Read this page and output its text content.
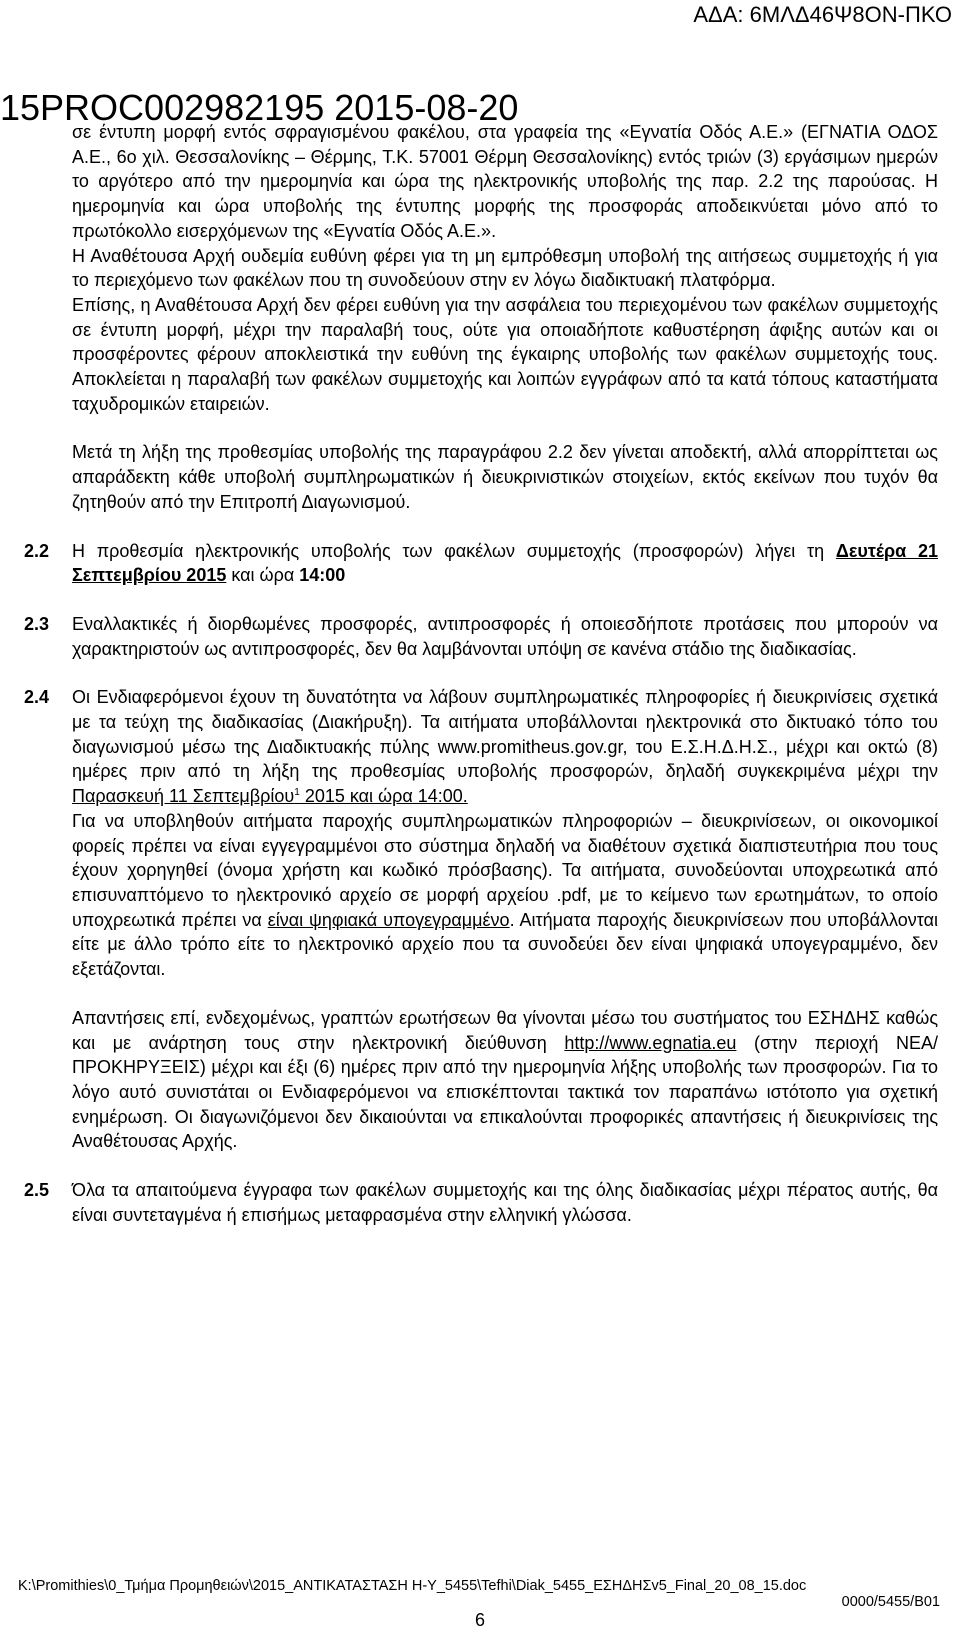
ΑΔΑ: 6ΜΛΔ46Ψ8ΟΝ-ΠΚΟ
15PROC002982195 2015-08-20

σε έντυπη μορφή εντός σφραγισμένου φακέλου, στα γραφεία της «Εγνατία Οδός Α.Ε.» (ΕΓΝΑΤΙΑ ΟΔΟΣ Α.Ε., 6ο χιλ. Θεσσαλονίκης – Θέρμης, Τ.Κ. 57001 Θέρμη Θεσσαλονίκης) εντός τριών (3) εργάσιμων ημερών το αργότερο από την ημερομηνία και ώρα της ηλεκτρονικής υποβολής της παρ. 2.2 της παρούσας. Η ημερομηνία και ώρα υποβολής της έντυπης μορφής της προσφοράς αποδεικνύεται μόνο από το πρωτόκολλο εισερχόμενων της «Εγνατία Οδός Α.Ε.».

Η Αναθέτουσα Αρχή ουδεμία ευθύνη φέρει για τη μη εμπρόθεσμη υποβολή της αιτήσεως συμμετοχής ή για το περιεχόμενο των φακέλων που τη συνοδεύουν στην εν λόγω διαδικτυακή πλατφόρμα.

Επίσης, η Αναθέτουσα Αρχή δεν φέρει ευθύνη για την ασφάλεια του περιεχομένου των φακέλων συμμετοχής σε έντυπη μορφή, μέχρι την παραλαβή τους, ούτε για οποιαδήποτε καθυστέρηση άφιξης αυτών και οι προσφέροντες φέρουν αποκλειστικά την ευθύνη της έγκαιρης υποβολής των φακέλων συμμετοχής τους. Αποκλείεται η παραλαβή των φακέλων συμμετοχής και λοιπών εγγράφων από τα κατά τόπους καταστήματα ταχυδρομικών εταιρειών.

Μετά τη λήξη της προθεσμίας υποβολής της παραγράφου 2.2 δεν γίνεται αποδεκτή, αλλά απορρίπτεται ως απαράδεκτη κάθε υποβολή συμπληρωματικών ή διευκρινιστικών στοιχείων, εκτός εκείνων που τυχόν θα ζητηθούν από την Επιτροπή Διαγωνισμού.

2.2	Η προθεσμία ηλεκτρονικής υποβολής των φακέλων συμμετοχής (προσφορών) λήγει τη Δευτέρα 21 Σεπτεμβρίου 2015 και ώρα 14:00
2.3	Εναλλακτικές ή διορθωμένες προσφορές, αντιπροσφορές ή οποιεσδήποτε προτάσεις που μπορούν να χαρακτηριστούν ως αντιπροσφορές, δεν θα λαμβάνονται υπόψη σε κανένα στάδιο της διαδικασίας.
2.4	Οι Ενδιαφερόμενοι έχουν τη δυνατότητα να λάβουν συμπληρωματικές πληροφορίες ή διευκρινίσεις σχετικά με τα τεύχη της διαδικασίας (Διακήρυξη). Τα αιτήματα υποβάλλονται ηλεκτρονικά στο δικτυακό τόπο του διαγωνισμού μέσω της Διαδικτυακής πύλης www.promitheus.gov.gr, του Ε.Σ.Η.Δ.Η.Σ., μέχρι και οκτώ (8) ημέρες πριν από τη λήξη της προθεσμίας υποβολής προσφορών, δηλαδή συγκεκριμένα μέχρι την Παρασκευή 11 Σεπτεμβρίου$^1$ 2015 και ώρα 14:00.
Για να υποβληθούν αιτήματα παροχής συμπληρωματικών πληροφοριών – διευκρινίσεων, οι οικονομικοί φορείς πρέπει να είναι εγγεγραμμένοι στο σύστημα δηλαδή να διαθέτουν σχετικά διαπιστευτήρια που τους έχουν χορηγηθεί (όνομα χρήστη και κωδικό πρόσβασης). Τα αιτήματα, συνοδεύονται υποχρεωτικά από επισυναπτόμενο το ηλεκτρονικό αρχείο σε μορφή αρχείου .pdf, με το κείμενο των ερωτημάτων, το οποίο υποχρεωτικά πρέπει να είναι ψηφιακά υπογεγραμμένο. Αιτήματα παροχής διευκρινίσεων που υποβάλλονται είτε με άλλο τρόπο είτε το ηλεκτρονικό αρχείο που τα συνοδεύει δεν είναι ψηφιακά υπογεγραμμένο, δεν εξετάζονται.
Απαντήσεις επί, ενδεχομένως, γραπτών ερωτήσεων θα γίνονται μέσω του συστήματος του ΕΣΗΔΗΣ καθώς και με ανάρτηση τους στην ηλεκτρονική διεύθυνση http://www.egnatia.eu (στην περιοχή ΝΕΑ/ΠΡΟΚΗΡΥΞΕΙΣ) μέχρι και έξι (6) ημέρες πριν από την ημερομηνία λήξης υποβολής των προσφορών. Για το λόγο αυτό συνιστάται οι Ενδιαφερόμενοι να επισκέπτονται τακτικά τον παραπάνω ιστότοπο για σχετική ενημέρωση. Οι διαγωνιζόμενοι δεν δικαιούνται να επικαλούνται προφορικές απαντήσεις ή διευκρινίσεις της Αναθέτουσας Αρχής.
2.5	Όλα τα απαιτούμενα έγγραφα των φακέλων συμμετοχής και της όλης διαδικασίας μέχρι πέρατος αυτής, θα είναι συντεταγμένα ή επισήμως μεταφρασμένα στην ελληνική γλώσσα.
K:\Promithies\0_Τμήμα Προμηθειών\2015_ΑΝΤΙΚΑΤΑΣΤΑΣΗ Η-Υ_5455\Tefhi\Diak_5455_ΕΣΗΔΗΣv5_Final_20_08_15.doc
0000/5455/Β01
6
